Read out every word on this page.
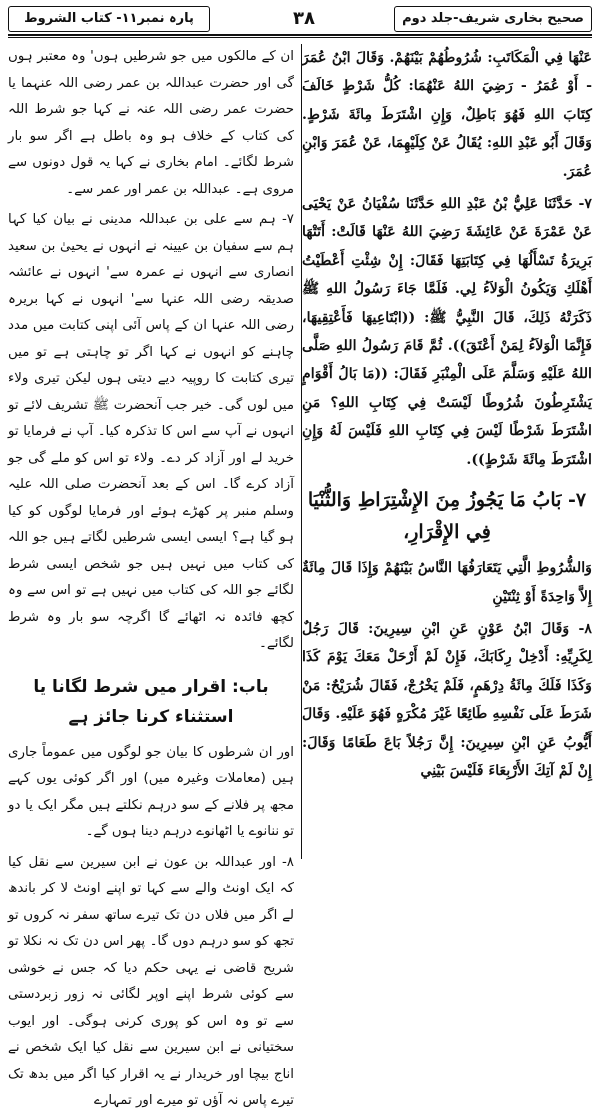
صحیح بخاری شریف-جلد دوم
۳۸
پارہ نمبر۱۱- کتاب الشروط

عَنْهَا فِي الْمَكَاتَبِ: شُرُوطُهُمْ بَيْنَهُمْ. وَقَالَ ابْنُ عُمَرَ - أَوْ عُمَرُ - رَضِيَ اللهُ عَنْهُمَا: كُلُّ شَرْطٍ خَالَفَ كِتَابَ اللهِ فَهُوَ بَاطِلٌ، وَإِنِ اشْتَرَطَ مِائَةَ شَرْطٍ. وَقَالَ أَبُو عَبْدِ اللهِ: يُقَالُ عَنْ كِلَيْهِمَا، عَنْ عُمَرَ وَابْنِ عُمَرَ.

٧- حَدَّثَنَا عَلِيُّ بْنُ عَبْدِ اللهِ حَدَّثَنَا سُفْيَانُ عَنْ يَحْيَى عَنْ عَمْرَةَ عَنْ عَائِشَةَ رَضِيَ اللهُ عَنْهَا قَالَتْ: أَتَتْهَا بَرِيرَةُ تَسْأَلُهَا فِي كِتَابَتِهَا فَقَالَ: إِنْ شِئْتِ أَعْطَيْتُ أَهْلَكِ وَيَكُونُ الْوَلاَءُ لِي. فَلَمَّا جَاءَ رَسُولُ اللهِ ﷺ ذَكَرَتْهُ ذَلِكَ، قَالَ النَّبِيُّ ﷺ: ((ابْتَاعِيهَا فَأَعْتِقِيهَا، فَإِنَّمَا الْوَلاَءُ لِمَنْ أَعْتَقَ)). ثُمَّ قَامَ رَسُولُ اللهِ صَلَّى اللهُ عَلَيْهِ وَسَلَّمَ عَلَى الْمِنْبَرِ فَقَالَ: ((مَا بَالُ أَقْوَامٍ يَشْتَرِطُونَ شُرُوطًا لَيْسَتْ فِي كِتَابِ اللهِ؟ مَنِ اشْتَرَطَ شَرْطًا لَيْسَ فِي كِتَابِ اللهِ فَلَيْسَ لَهُ وَإِنِ اشْتَرَطَ مِائَةَ شَرْطٍ)).

٧- بَابُ مَا يَجُوزُ مِنَ الإِشْتِرَاطِ وَالثُّنْيَا فِي الإِقْرَارِ،

وَالشُّرُوطِ الَّتِي يَتَعَارَفُهَا النَّاسُ بَيْنَهُمْ وَإِذَا قَالَ مِائَةٌ إِلاَّ وَاحِدَةً أَوْ ثِنْتَيْنِ

٨- وَقَالَ ابْنُ عَوْنٍ عَنِ ابْنِ سِيرِينَ: قَالَ رَجُلٌ لِكَرِيِّهِ: أَدْخِلْ رِكَابَكَ، فَإِنْ لَمْ أَرْحَلْ مَعَكَ يَوْمَ كَذَا وَكَذَا فَلَكَ مِائَةُ دِرْهَمٍ، فَلَمْ يَخْرُجْ، فَقَالَ شُرَيْحٌ: مَنْ شَرَطَ عَلَى نَفْسِهِ طَائِعًا غَيْرَ مُكْرَهٍ فَهُوَ عَلَيْهِ. وَقَالَ أَيُّوبُ عَنِ ابْنِ سِيرِينَ: إِنَّ رَجُلاً بَاعَ طَعَامًا وَقَالَ: إِنْ لَمْ آتِكَ الأَرْبِعَاءَ فَلَيْسَ بَيْنِي

ان کے مالکوں میں جو شرطیں ہوں' وہ معتبر ہوں گی اور حضرت عبداللہ بن عمر رضی اللہ عنہما یا حضرت عمر رضی اللہ عنہ نے کہا جو شرط اللہ کی کتاب کے خلاف ہو وہ باطل ہے اگر سو بار شرط لگائے۔ امام بخاری نے کہا یہ قول دونوں سے مروی ہے۔ عبداللہ بن عمر اور عمر سے۔

۷- ہم سے علی بن عبداللہ مدینی نے بیان کیا کہا ہم سے سفیان بن عیینہ نے انہوں نے یحییٰ بن سعید انصاری سے انہوں نے عمرہ سے' انہوں نے عائشہ صدیقہ رضی اللہ عنہا سے' انہوں نے کہا بریرہ رضی اللہ عنہا ان کے پاس آئی اپنی کتابت میں مدد چاہنے کو انہوں نے کہا اگر تو چاہتی ہے تو میں تیری کتابت کا روپیہ دیے دیتی ہوں لیکن تیری ولاء میں لوں گی۔ خیر جب آنحضرت ﷺ تشریف لائے تو انہوں نے آپ سے اس کا تذکرہ کیا۔ آپ نے فرمایا تو خرید لے اور آزاد کر دے۔ ولاء تو اس کو ملے گی جو آزاد کرے گا۔ اس کے بعد آنحضرت صلی اللہ علیہ وسلم منبر پر کھڑے ہوئے اور فرمایا لوگوں کو کیا ہو گیا ہے؟ ایسی ایسی شرطیں لگاتے ہیں جو اللہ کی کتاب میں نہیں ہیں جو شخص ایسی شرط لگائے جو اللہ کی کتاب میں نہیں ہے تو اس سے وہ کچھ فائدہ نہ اٹھائے گا اگرچہ سو بار وہ شرط لگائے۔

باب: اقرار میں شرط لگانا یا استثناء کرنا جائز ہے

اور ان شرطوں کا بیان جو لوگوں میں عموماً جاری ہیں (معاملات وغیرہ میں) اور اگر کوئی یوں کہے مجھ پر فلانے کے سو درہم نکلتے ہیں مگر ایک یا دو تو ننانوے یا اٹھانوے درہم دینا ہوں گے۔

۸- اور عبداللہ بن عون نے ابن سیرین سے نقل کیا کہ ایک اونٹ والے سے کہا تو اپنے اونٹ لا کر باندھ لے اگر میں فلاں دن تک تیرے ساتھ سفر نہ کروں تو تجھ کو سو درہم دوں گا۔ پھر اس دن تک نہ نکلا تو شریح قاضی نے یہی حکم دیا کہ جس نے خوشی سے کوئی شرط اپنے اوپر لگائی نہ زور زبردستی سے تو وہ اس کو پوری کرنی ہوگی۔ اور ایوب سختیانی نے ابن سیرین سے نقل کیا ایک شخص نے اناج بیچا اور خریدار نے یہ اقرار کیا اگر میں بدھ تک تیرے پاس نہ آؤں تو میرے اور تمہارے
